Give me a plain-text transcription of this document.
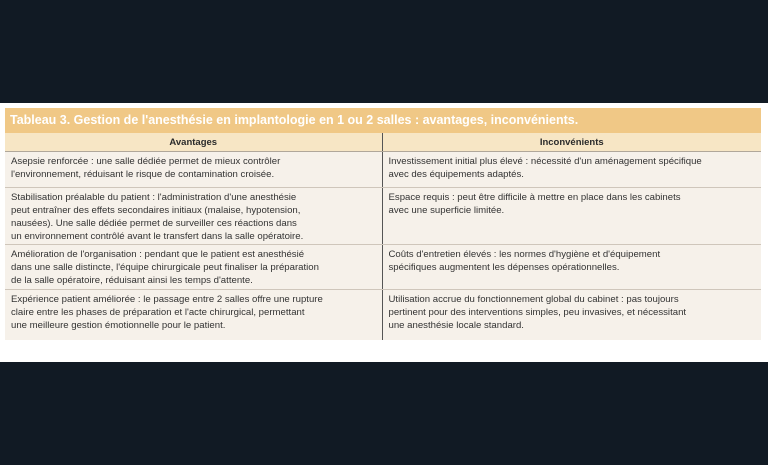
Tableau 3. Gestion de l'anesthésie en implantologie en 1 ou 2 salles : avantages, inconvénients.
Avantages	Inconvénients

Asepsie renforcée : une salle dédiée permet de mieux contrôler
l'environnement, réduisant le risque de contamination croisée.	Investissement initial plus élevé : nécessité d'un aménagement spécifique
avec des équipements adaptés.

Stabilisation préalable du patient : l'administration d'une anesthésie
peut entraîner des effets secondaires initiaux (malaise, hypotension,
nausées). Une salle dédiée permet de surveiller ces réactions dans
un environnement contrôlé avant le transfert dans la salle opératoire.	Espace requis : peut être difficile à mettre en place dans les cabinets
avec une superficie limitée.

Amélioration de l'organisation : pendant que le patient est anesthésié
dans une salle distincte, l'équipe chirurgicale peut finaliser la préparation
de la salle opératoire, réduisant ainsi les temps d'attente.	Coûts d'entretien élevés : les normes d'hygiène et d'équipement
spécifiques augmentent les dépenses opérationnelles.

Expérience patient améliorée : le passage entre 2 salles offre une rupture
claire entre les phases de préparation et l'acte chirurgical, permettant
une meilleure gestion émotionnelle pour le patient.	Utilisation accrue du fonctionnement global du cabinet : pas toujours
pertinent pour des interventions simples, peu invasives, et nécessitant
une anesthésie locale standard.
